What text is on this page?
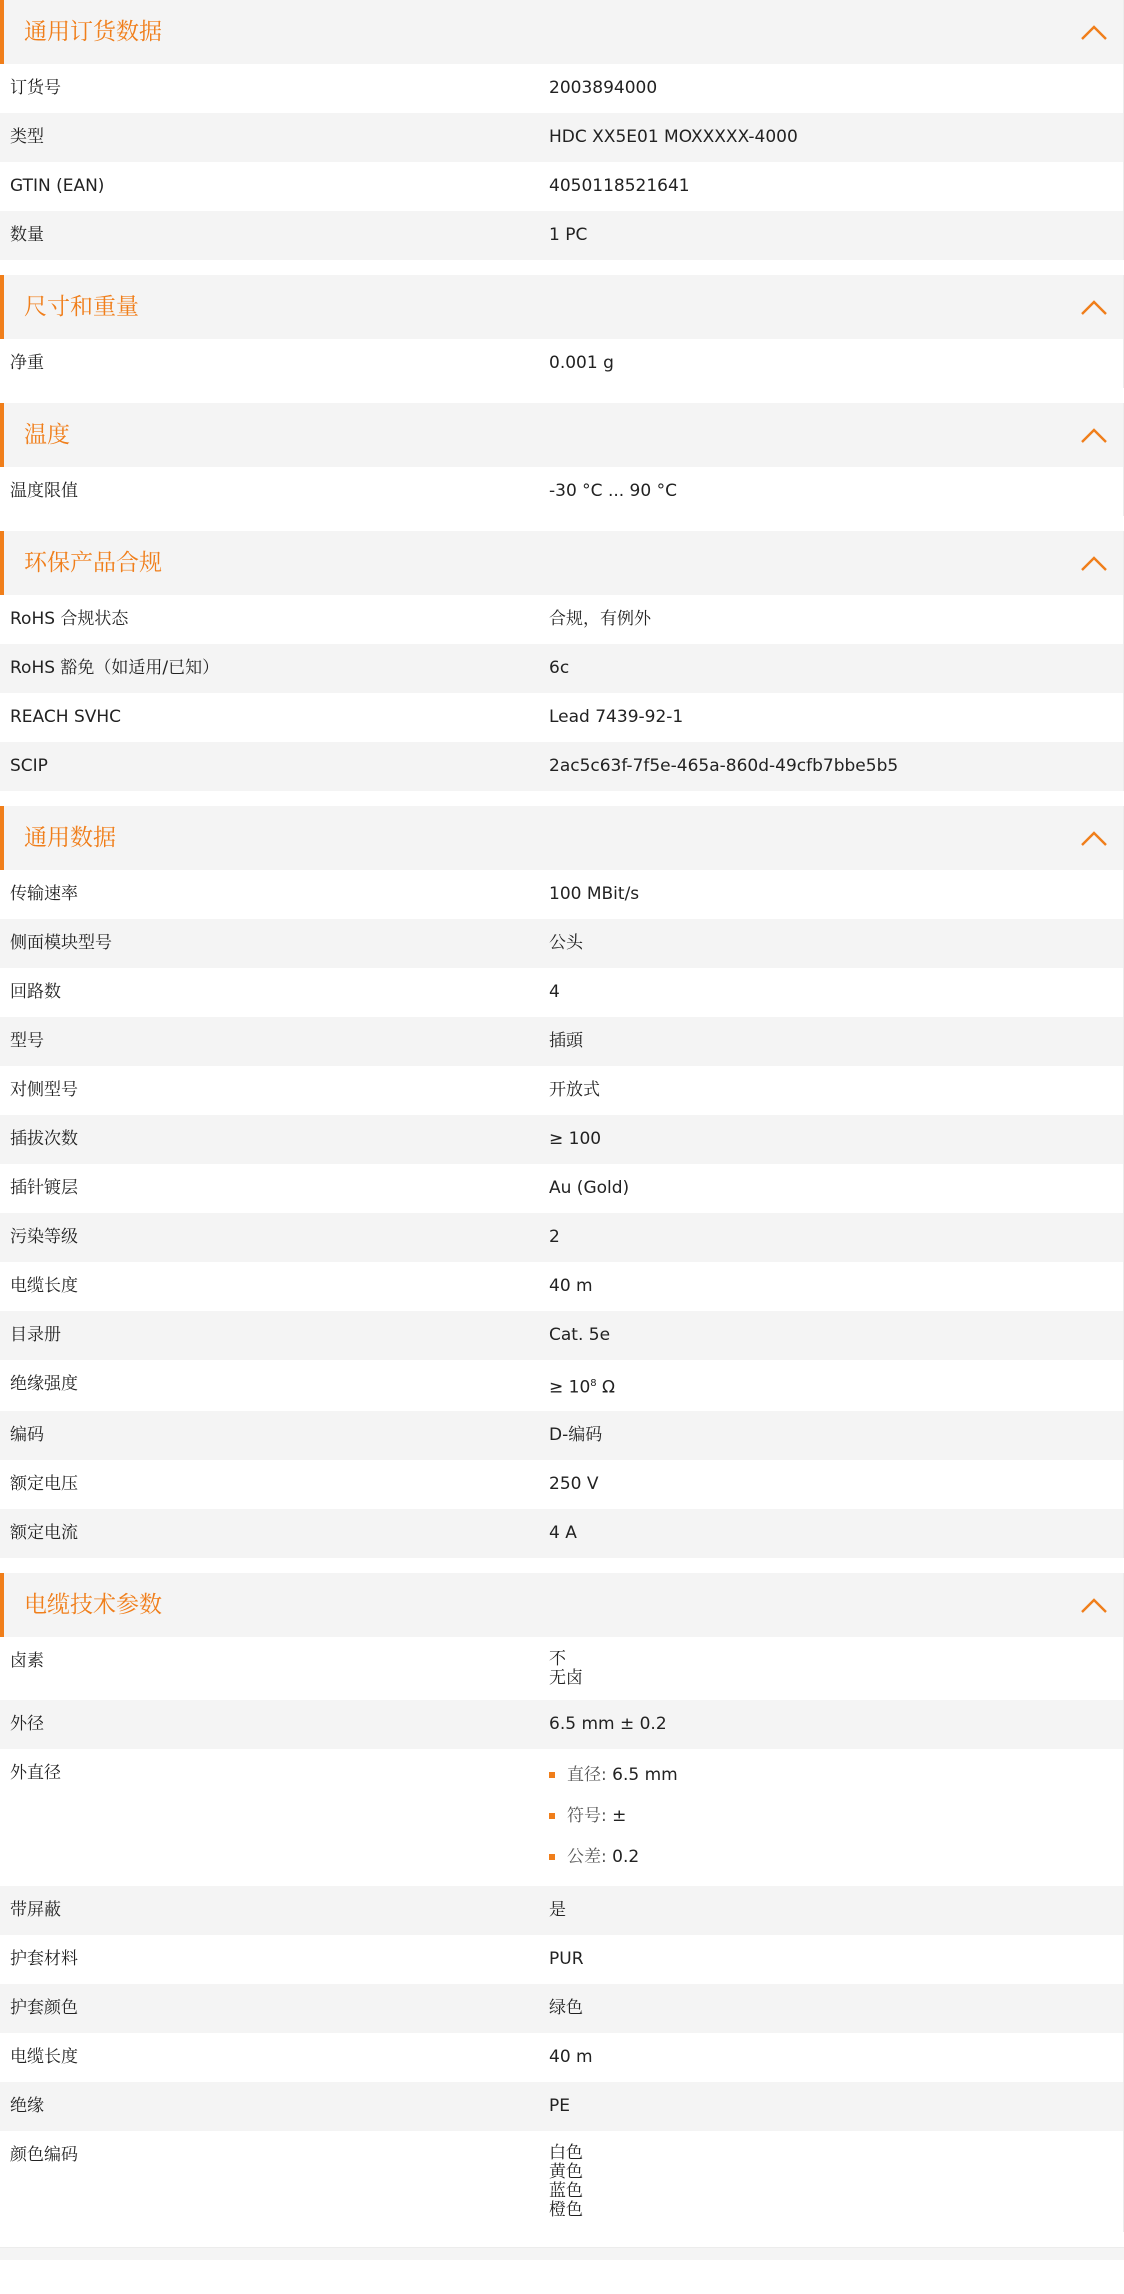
通用订货数据
订货号	2003894000
类型	HDC XX5E01 MOXXXXX-4000
GTIN (EAN)	4050118521641
数量	1 PC
尺寸和重量
净重	0.001 g
温度
温度限值	-30 °C ... 90 °C
环保产品合规
RoHS 合规状态	合规，有例外
RoHS 豁免（如适用/已知）	6c
REACH SVHC	Lead 7439-92-1
SCIP	2ac5c63f-7f5e-465a-860d-49cfb7bbe5b5
通用数据
传输速率	100 MBit/s
侧面模块型号	公头
回路数	4
型号	插頭
对侧型号	开放式
插拔次数	≥ 100
插针镀层	Au (Gold)
污染等级	2
电缆长度	40 m
目录册	Cat. 5e
绝缘强度	≥ $10^8$ Ω
编码	D-编码
额定电压	250 V
额定电流	4 A
电缆技术参数
卤素	不
无卤
外径	6.5 mm ± 0.2
外直径	直径: 6.5 mm
符号: ±
公差: 0.2
带屏蔽	是
护套材料	PUR
护套颜色	绿色
电缆长度	40 m
绝缘	PE
颜色编码	白色
黄色
蓝色
橙色
